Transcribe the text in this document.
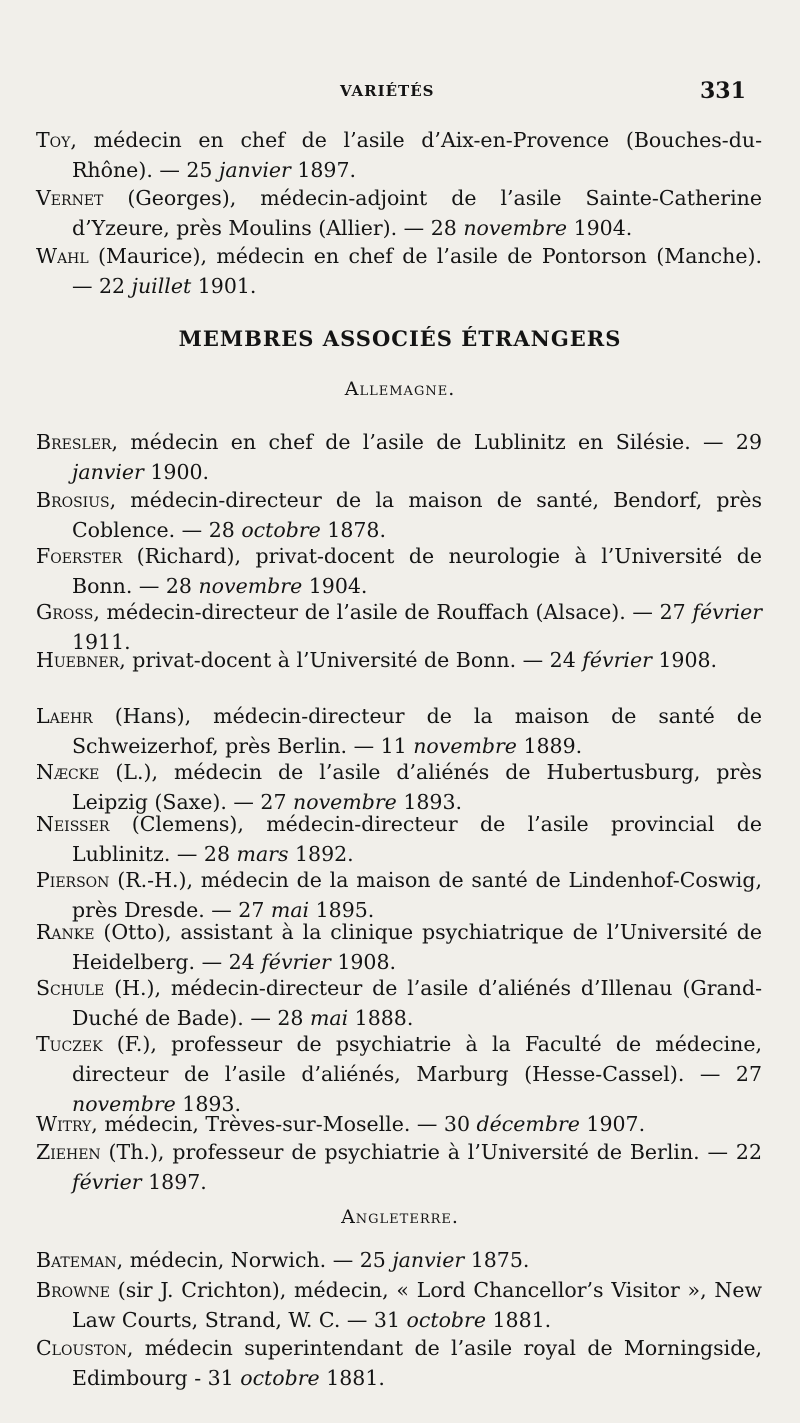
VARIÉTÉS	331
Toy, médecin en chef de l’asile d’Aix-en-Provence (Bouches-du-Rhône). — 25 janvier 1897.
Vernet (Georges), médecin-adjoint de l’asile Sainte-Catherine d’Yzeure, près Moulins (Allier). — 28 novembre 1904.
Wahl (Maurice), médecin en chef de l’asile de Pontorson (Manche). — 22 juillet 1901.
MEMBRES ASSOCIÉS ÉTRANGERS
Allemagne.
Bresler, médecin en chef de l’asile de Lublinitz en Silésie. — 29 janvier 1900.
Brosius, médecin-directeur de la maison de santé, Bendorf, près Coblence. — 28 octobre 1878.
Foerster (Richard), privat-docent de neurologie à l’Université de Bonn. — 28 novembre 1904.
Gross, médecin-directeur de l’asile de Rouffach (Alsace). — 27 février 1911.
Huebner, privat-docent à l’Université de Bonn. — 24 février 1908.
Laehr (Hans), médecin-directeur de la maison de santé de Schweizerhof, près Berlin. — 11 novembre 1889.
Næcke (L.), médecin de l’asile d’aliénés de Hubertusburg, près Leipzig (Saxe). — 27 novembre 1893.
Neisser (Clemens), médecin-directeur de l’asile provincial de Lublinitz. — 28 mars 1892.
Pierson (R.-H.), médecin de la maison de santé de Lindenhof-Coswig, près Dresde. — 27 mai 1895.
Ranke (Otto), assistant à la clinique psychiatrique de l’Université de Heidelberg. — 24 février 1908.
Schule (H.), médecin-directeur de l’asile d’aliénés d’Illenau (Grand-Duché de Bade). — 28 mai 1888.
Tuczek (F.), professeur de psychiatrie à la Faculté de médecine, directeur de l’asile d’aliénés, Marburg (Hesse-Cassel). — 27 novembre 1893.
Witry, médecin, Trèves-sur-Moselle. — 30 décembre 1907.
Ziehen (Th.), professeur de psychiatrie à l’Université de Berlin. — 22 février 1897.
Angleterre.
Bateman, médecin, Norwich. — 25 janvier 1875.
Browne (sir J. Crichton), médecin, « Lord Chancellor’s Visitor », New Law Courts, Strand, W. C. — 31 octobre 1881.
Clouston, médecin superintendant de l’asile royal de Morningside, Edimbourg - 31 octobre 1881.
